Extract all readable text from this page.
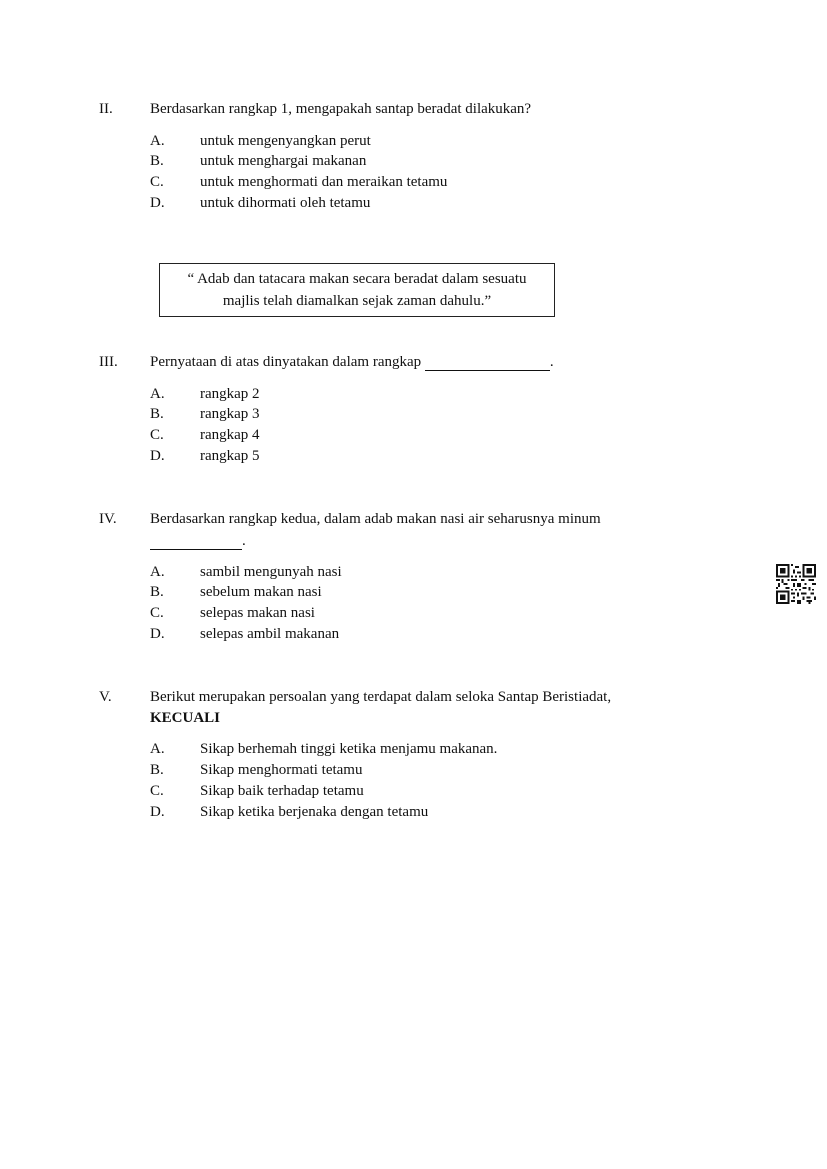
II. Berdasarkan rangkap 1, mengapakah santap beradat dilakukan?
A. untuk mengenyangkan perut
B. untuk menghargai makanan
C. untuk menghormati dan meraikan tetamu
D. untuk dihormati oleh tetamu
“ Adab dan tatacara makan secara beradat dalam sesuatu
majlis telah diamalkan sejak zaman dahulu.”
III. Pernyataan di atas dinyatakan dalam rangkap	.
A. rangkap 2
B. rangkap 3
C. rangkap 4
D. rangkap 5
IV. Berdasarkan rangkap kedua, dalam adab makan nasi air seharusnya minum
.
A. sambil mengunyah nasi
B. sebelum makan nasi
C. selepas makan nasi
D. selepas ambil makanan
V.	Berikut merupakan persoalan yang terdapat dalam seloka Santap Beristiadat,
KECUALI
A. Sikap berhemah tinggi ketika menjamu makanan.
B. Sikap menghormati tetamu
C. Sikap baik terhadap tetamu
D. Sikap ketika berjenaka dengan tetamu
